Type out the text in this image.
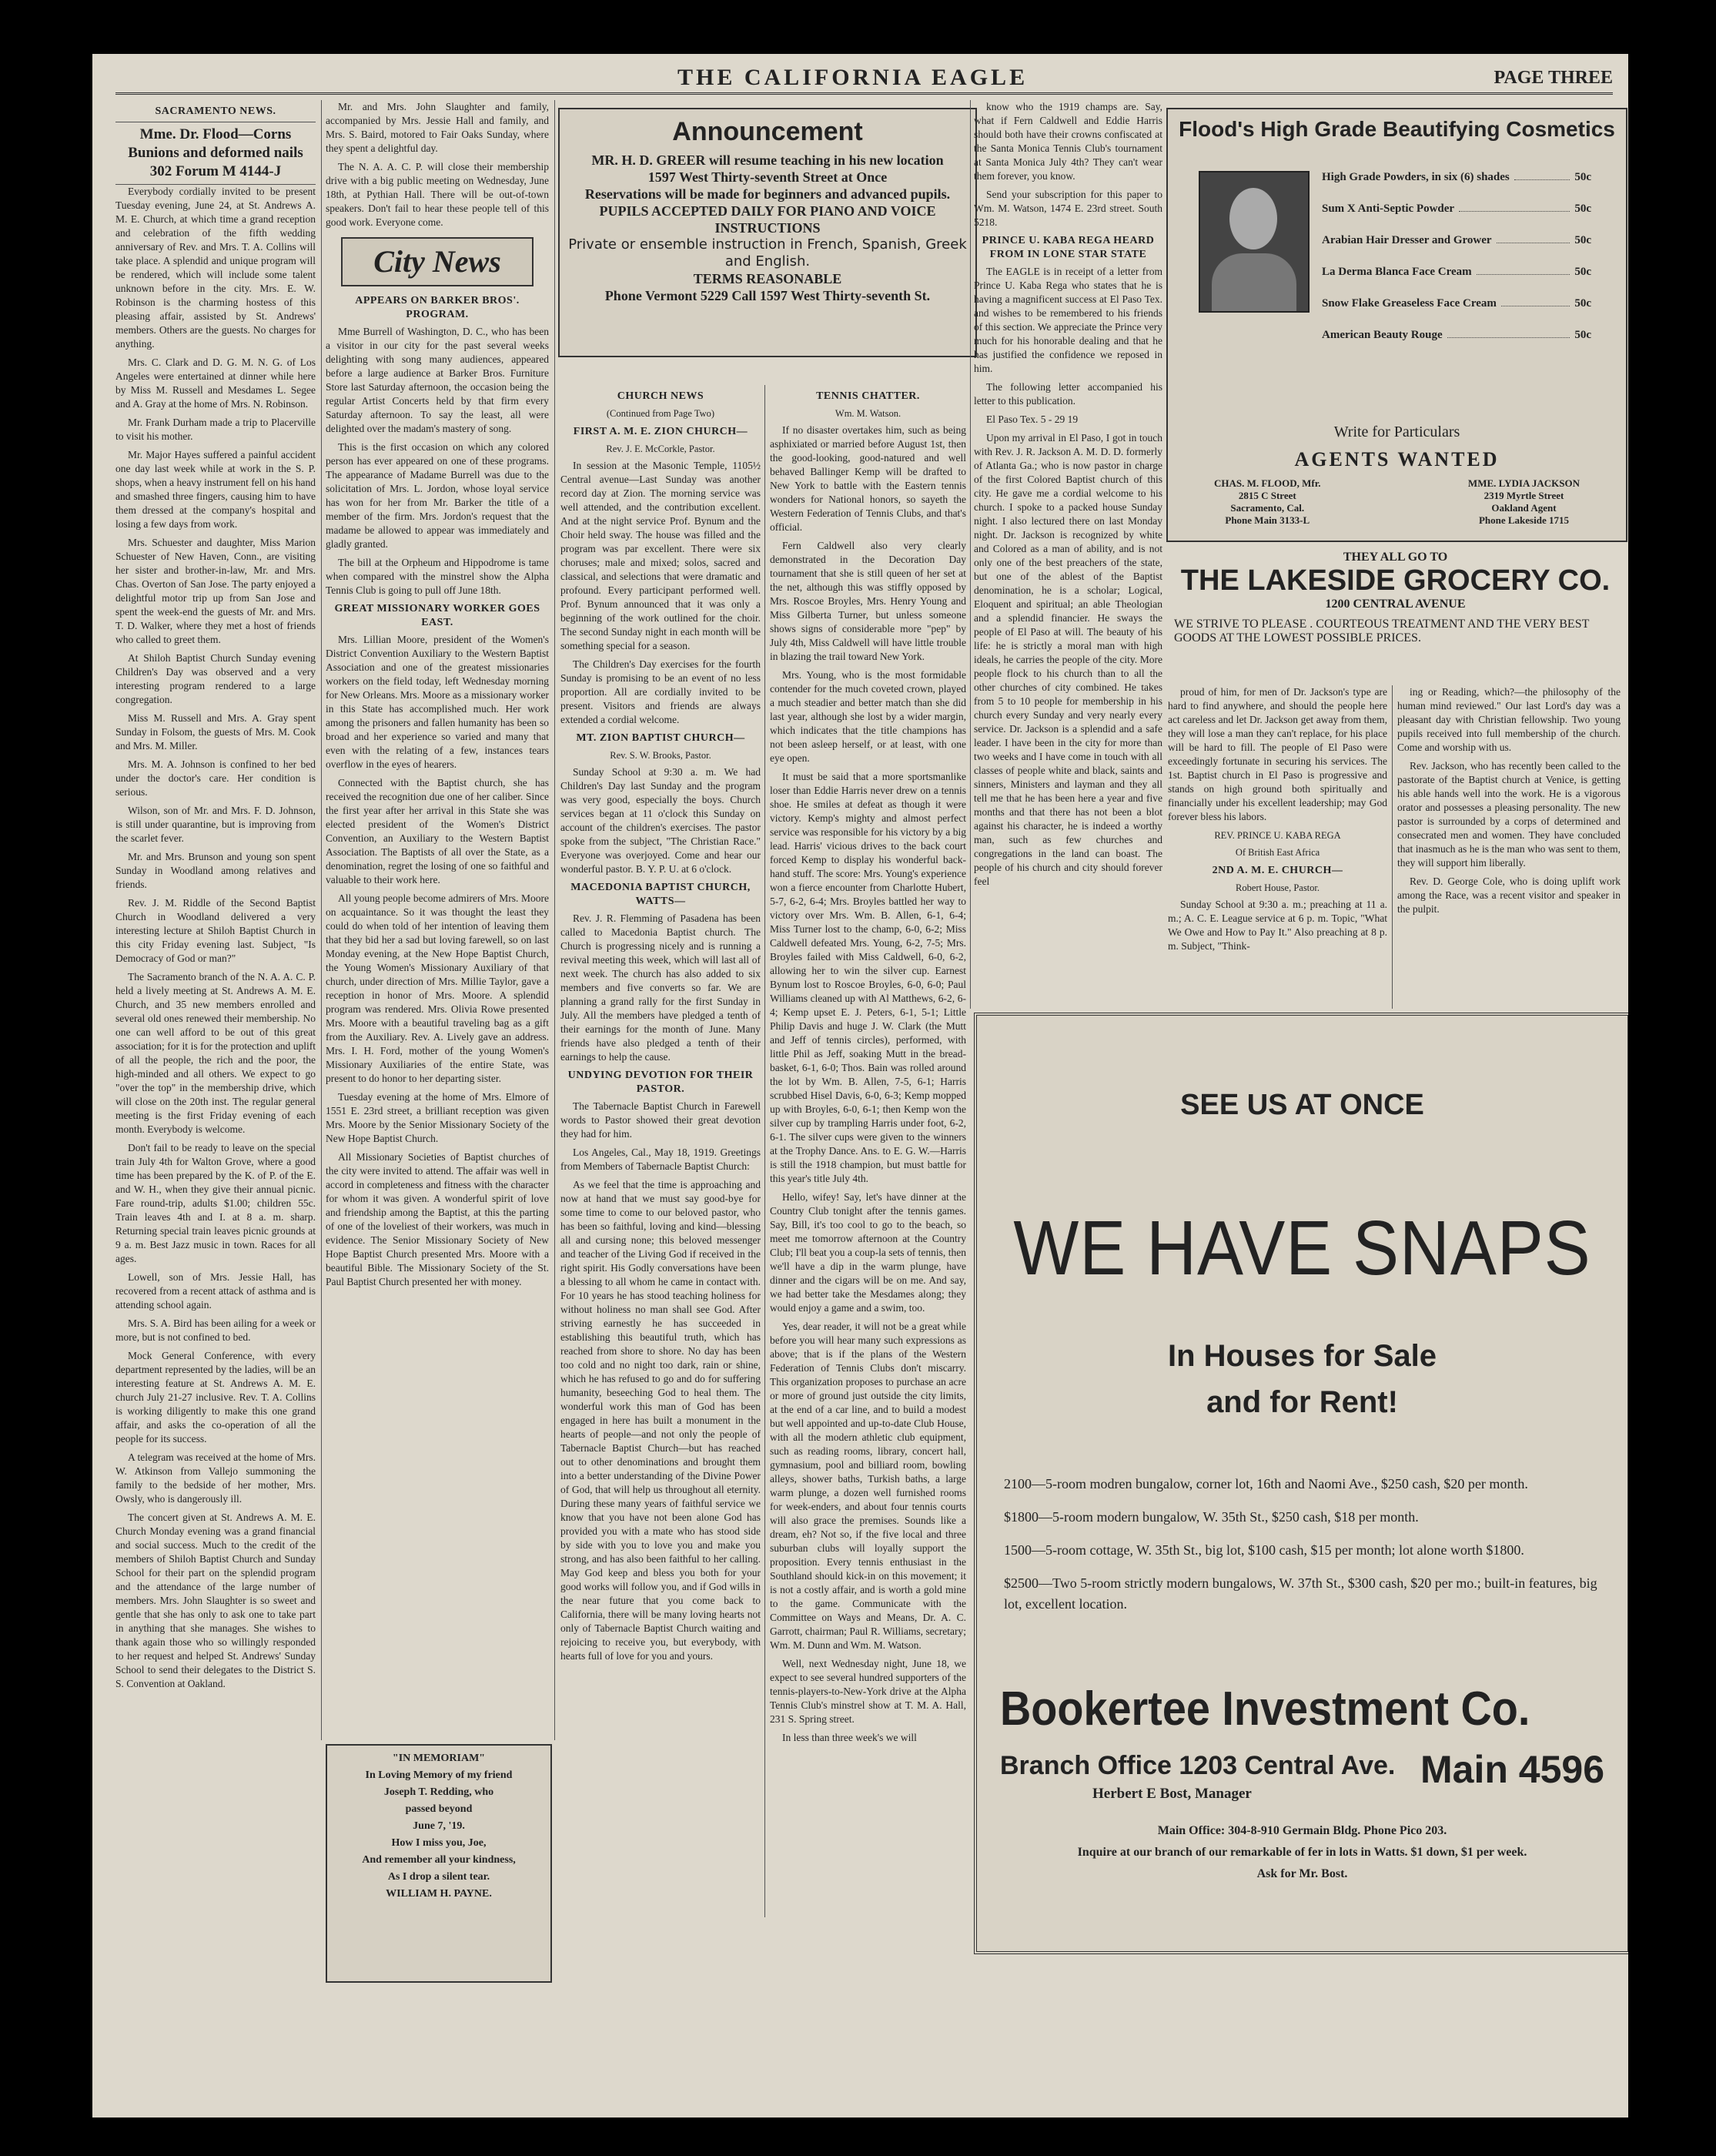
THE CALIFORNIA EAGLE	PAGE THREE
SACRAMENTO NEWS.
Mme. Dr. Flood—Corns
Bunions and deformed nails
302 Forum M 4144-J

Everybody cordially invited to be present Tuesday evening, June 24, at St. Andrews A. M. E. Church, at which time a grand reception and celebration of the fifth wedding anniversary of Rev. and Mrs. T. A. Collins will take place. A splendid and unique program will be rendered, which will include some talent unknown before in the city. Mrs. E. W. Robinson is the charming hostess of this pleasing affair, assisted by St. Andrews' members. Others are the guests. No charges for anything.

Mrs. C. Clark and D. G. M. N. G. of Los Angeles were entertained at dinner while here by Miss M. Russell and Mesdames L. Segee and A. Gray at the home of Mrs. N. Robinson.

Mr. Frank Durham made a trip to Placerville to visit his mother.

Mr. Major Hayes suffered a painful accident one day last week while at work in the S. P. shops, when a heavy instrument fell on his hand and smashed three fingers, causing him to have them dressed at the company's hospital and losing a few days from work.

Mrs. Schuester and daughter, Miss Marion Schuester of New Haven, Conn., are visiting her sister and brother-in-law, Mr. and Mrs. Chas. Overton of San Jose. The party enjoyed a delightful motor trip up from San Jose and spent the week-end the guests of Mr. and Mrs. T. D. Walker, where they met a host of friends who called to greet them.

At Shiloh Baptist Church Sunday evening Children's Day was observed and a very interesting program rendered to a large congregation.

Miss M. Russell and Mrs. A. Gray spent Sunday in Folsom, the guests of Mrs. M. Cook and Mrs. M. Miller.

Mrs. M. A. Johnson is confined to her bed under the doctor's care. Her condition is serious.

Wilson, son of Mr. and Mrs. F. D. Johnson, is still under quarantine, but is improving from the scarlet fever.

Mr. and Mrs. Brunson and young son spent Sunday in Woodland among relatives and friends.

Rev. J. M. Riddle of the Second Baptist Church in Woodland delivered a very interesting lecture at Shiloh Baptist Church in this city Friday evening last. Subject, "Is Democracy of God or man?"

The Sacramento branch of the N. A. A. C. P. held a lively meeting at St. Andrews A. M. E. Church, and 35 new members enrolled and several old ones renewed their membership. No one can well afford to be out of this great association; for it is for the protection and uplift of all the people, the rich and the poor, the high-minded and all others. We expect to go "over the top" in the membership drive, which will close on the 20th inst. The regular general meeting is the first Friday evening of each month. Everybody is welcome.

Don't fail to be ready to leave on the special train July 4th for Walton Grove, where a good time has been prepared by the K. of P. of the E. and W. H., when they give their annual picnic. Fare round-trip, adults $1.00; children 55c. Train leaves 4th and I. at 8 a. m. sharp. Returning special train leaves picnic grounds at 9 a. m. Best Jazz music in town. Races for all ages.

Lowell, son of Mrs. Jessie Hall, has recovered from a recent attack of asthma and is attending school again.

Mrs. S. A. Bird has been ailing for a week or more, but is not confined to bed.

Mock General Conference, with every department represented by the ladies, will be an interesting feature at St. Andrews A. M. E. church July 21-27 inclusive. Rev. T. A. Collins is working diligently to make this one grand affair, and asks the co-operation of all the people for its success.

A telegram was received at the home of Mrs. W. Atkinson from Vallejo summoning the family to the bedside of her mother, Mrs. Owsly, who is dangerously ill.

The concert given at St. Andrews A. M. E. Church Monday evening was a grand financial and social success. Much to the credit of the members of Shiloh Baptist Church and Sunday School for their part on the splendid program and the attendance of the large number of members. Mrs. John Slaughter is so sweet and gentle that she has only to ask one to take part in anything that she manages. She wishes to thank again those who so willingly responded to her request and helped St. Andrews' Sunday School to send their delegates to the District S. S. Convention at Oakland.

Mr. and Mrs. John Slaughter and family, accompanied by Mrs. Jessie Hall and family, and Mrs. S. Baird, motored to Fair Oaks Sunday, where they spent a delightful day.

The N. A. A. C. P. will close their membership drive with a big public meeting on Wednesday, June 18th, at Pythian Hall. There will be out-of-town speakers. Don't fail to hear these people tell of this good work. Everyone come.

City News
APPEARS ON BARKER BROS'. PROGRAM.

Mme Burrell of Washington, D. C., who has been a visitor in our city for the past several weeks delighting with song many audiences, appeared before a large audience at Barker Bros. Furniture Store last Saturday afternoon, the occasion being the regular Artist Concerts held by that firm every Saturday afternoon. To say the least, all were delighted over the madam's mastery of song.

This is the first occasion on which any colored person has ever appeared on one of these programs. The appearance of Madame Burrell was due to the solicitation of Mrs. L. Jordon, whose loyal service has won for her from Mr. Barker the title of a member of the firm. Mrs. Jordon's request that the madame be allowed to appear was immediately and gladly granted.

The bill at the Orpheum and Hippodrome is tame when compared with the minstrel show the Alpha Tennis Club is going to pull off June 18th.

GREAT MISSIONARY WORKER GOES EAST.

Mrs. Lillian Moore, president of the Women's District Convention Auxiliary to the Western Baptist Association and one of the greatest missionaries workers on the field today, left Wednesday morning for New Orleans. Mrs. Moore as a missionary worker in this State has accomplished much. Her work among the prisoners and fallen humanity has been so broad and her experience so varied and many that even with the relating of a few, instances tears overflow in the eyes of hearers.

Connected with the Baptist church, she has received the recognition due one of her caliber. Since the first year after her arrival in this State she was elected president of the Women's District Convention, an Auxiliary to the Western Baptist Association. The Baptists of all over the State, as a denomination, regret the losing of one so faithful and valuable to their work here.

All young people become admirers of Mrs. Moore on acquaintance. So it was thought the least they could do when told of her intention of leaving them that they bid her a sad but loving farewell, so on last Monday evening, at the New Hope Baptist Church, the Young Women's Missionary Auxiliary of that church, under direction of Mrs. Millie Taylor, gave a reception in honor of Mrs. Moore. A splendid program was rendered. Mrs. Olivia Rowe presented Mrs. Moore with a beautiful traveling bag as a gift from the Auxiliary. Rev. A. Lively gave an address. Mrs. I. H. Ford, mother of the young Women's Missionary Auxiliaries of the entire State, was present to do honor to her departing sister.

Tuesday evening at the home of Mrs. Elmore of 1551 E. 23rd street, a brilliant reception was given Mrs. Moore by the Senior Missionary Society of the New Hope Baptist Church.

All Missionary Societies of Baptist churches of the city were invited to attend. The affair was well in accord in completeness and fitness with the character for whom it was given. A wonderful spirit of love and friendship among the Baptist, at this the parting of one of the loveliest of their workers, was much in evidence. The Senior Missionary Society of New Hope Baptist Church presented Mrs. Moore with a beautiful Bible. The Missionary Society of the St. Paul Baptist Church presented her with money.

"IN MEMORIAM"
In Loving Memory of my friend
Joseph T. Redding, who
passed beyond
June 7, '19.
How I miss you, Joe,
And remember all your kindness,
As I drop a silent tear.
WILLIAM H. PAYNE.
Announcement
MR. H. D. GREER will resume teaching in his new location
1597 West Thirty-seventh Street at Once
Reservations will be made for beginners and advanced pupils.
PUPILS ACCEPTED DAILY FOR PIANO AND VOICE INSTRUCTIONS
Private or ensemble instruction in French, Spanish, Greek and English.
TERMS REASONABLE
Phone Vermont 5229 Call 1597 West Thirty-seventh St.
CHURCH NEWS
(Continued from Page Two)
FIRST A. M. E. ZION CHURCH—
Rev. J. E. McCorkle, Pastor.

In session at the Masonic Temple, 1105½ Central avenue—Last Sunday was another record day at Zion. The morning service was well attended, and the contribution excellent. And at the night service Prof. Bynum and the Choir held sway. The house was filled and the program was par excellent. There were six choruses; male and mixed; solos, sacred and classical, and selections that were dramatic and profound. Every participant performed well. Prof. Bynum announced that it was only a beginning of the work outlined for the choir. The second Sunday night in each month will be something special for a season.

The Children's Day exercises for the fourth Sunday is promising to be an event of no less proportion. All are cordially invited to be present. Visitors and friends are always extended a cordial welcome.

MT. ZION BAPTIST CHURCH—
Rev. S. W. Brooks, Pastor.

Sunday School at 9:30 a. m. We had Children's Day last Sunday and the program was very good, especially the boys. Church services began at 11 o'clock this Sunday on account of the children's exercises. The pastor spoke from the subject, "The Christian Race." Everyone was overjoyed. Come and hear our wonderful pastor. B. Y. P. U. at 6 o'clock.

MACEDONIA BAPTIST CHURCH, WATTS—

Rev. J. R. Flemming of Pasadena has been called to Macedonia Baptist church. The Church is progressing nicely and is running a revival meeting this week, which will last all of next week. The church has also added to six members and five converts so far. We are planning a grand rally for the first Sunday in July. All the members have pledged a tenth of their earnings for the month of June. Many friends have also pledged a tenth of their earnings to help the cause.

UNDYING DEVOTION FOR THEIR PASTOR.

The Tabernacle Baptist Church in Farewell words to Pastor showed their great devotion they had for him.

Los Angeles, Cal., May 18, 1919. Greetings from Members of Tabernacle Baptist Church:

As we feel that the time is approaching and now at hand that we must say good-bye for some time to come to our beloved pastor, who has been so faithful, loving and kind—blessing all and cursing none; this beloved messenger and teacher of the Living God if received in the right spirit. His Godly conversations have been a blessing to all whom he came in contact with. For 10 years he has stood teaching holiness for without holiness no man shall see God. After striving earnestly he has succeeded in establishing this beautiful truth, which has reached from shore to shore. No day has been too cold and no night too dark, rain or shine, which he has refused to go and do for suffering humanity, beseeching God to heal them. The wonderful work this man of God has been engaged in here has built a monument in the hearts of people—and not only the people of Tabernacle Baptist Church—but has reached out to other denominations and brought them into a better understanding of the Divine Power of God, that will help us throughout all eternity. During these many years of faithful service we know that you have not been alone God has provided you with a mate who has stood side by side with you to love you and make you strong, and has also been faithful to her calling. May God keep and bless you both for your good works will follow you, and if God wills in the near future that you come back to California, there will be many loving hearts not only of Tabernacle Baptist Church waiting and rejoicing to receive you, but everybody, with hearts full of love for you and yours.

TENNIS CHATTER.
Wm. M. Watson.

If no disaster overtakes him, such as being asphixiated or married before August 1st, then the good-looking, good-natured and well behaved Ballinger Kemp will be drafted to New York to battle with the Eastern tennis wonders for National honors, so sayeth the Western Federation of Tennis Clubs, and that's official.

Fern Caldwell also very clearly demonstrated in the Decoration Day tournament that she is still queen of her set at the net, although this was stiffly opposed by Mrs. Roscoe Broyles, Mrs. Henry Young and Miss Gilberta Turner, but unless someone shows signs of considerable more "pep" by July 4th, Miss Caldwell will have little trouble in blazing the trail toward New York.

Mrs. Young, who is the most formidable contender for the much coveted crown, played a much steadier and better match than she did last year, although she lost by a wider margin, which indicates that the title champions has not been asleep herself, or at least, with one eye open.

It must be said that a more sportsmanlike loser than Eddie Harris never drew on a tennis shoe. He smiles at defeat as though it were victory. Kemp's mighty and almost perfect service was responsible for his victory by a big lead. Harris' vicious drives to the back court forced Kemp to display his wonderful back-hand stuff. The score: Mrs. Young's experience won a fierce encounter from Charlotte Hubert, 5-7, 6-2, 6-4; Mrs. Broyles battled her way to victory over Mrs. Wm. B. Allen, 6-1, 6-4; Miss Turner lost to the champ, 6-0, 6-2; Miss Caldwell defeated Mrs. Young, 6-2, 7-5; Mrs. Broyles failed with Miss Caldwell, 6-0, 6-2, allowing her to win the silver cup. Earnest Bynum lost to Roscoe Broyles, 6-0, 6-0; Paul Williams cleaned up with Al Matthews, 6-2, 6-4; Kemp upset E. J. Peters, 6-1, 5-1; Little Philip Davis and huge J. W. Clark (the Mutt and Jeff of tennis circles), performed, with little Phil as Jeff, soaking Mutt in the bread-basket, 6-1, 6-0; Thos. Bain was rolled around the lot by Wm. B. Allen, 7-5, 6-1; Harris scrubbed Hisel Davis, 6-0, 6-3; Kemp mopped up with Broyles, 6-0, 6-1; then Kemp won the silver cup by trampling Harris under foot, 6-2, 6-1. The silver cups were given to the winners at the Trophy Dance. Ans. to E. G. W.—Harris is still the 1918 champion, but must battle for this year's title July 4th.

Hello, wifey! Say, let's have dinner at the Country Club tonight after the tennis games. Say, Bill, it's too cool to go to the beach, so meet me tomorrow afternoon at the Country Club; I'll beat you a coup-la sets of tennis, then we'll have a dip in the warm plunge, have dinner and the cigars will be on me. And say, we had better take the Mesdames along; they would enjoy a game and a swim, too.

Yes, dear reader, it will not be a great while before you will hear many such expressions as above; that is if the plans of the Western Federation of Tennis Clubs don't miscarry. This organization proposes to purchase an acre or more of ground just outside the city limits, at the end of a car line, and to build a modest but well appointed and up-to-date Club House, with all the modern athletic club equipment, such as reading rooms, library, concert hall, gymnasium, pool and billiard room, bowling alleys, shower baths, Turkish baths, a large warm plunge, a dozen well furnished rooms for week-enders, and about four tennis courts will also grace the premises. Sounds like a dream, eh? Not so, if the five local and three suburban clubs will loyally support the proposition. Every tennis enthusiast in the Southland should kick-in on this movement; it is not a costly affair, and is worth a gold mine to the game. Communicate with the Committee on Ways and Means, Dr. A. C. Garrott, chairman; Paul R. Williams, secretary; Wm. M. Dunn and Wm. M. Watson.

Well, next Wednesday night, June 18, we expect to see several hundred supporters of the tennis-players-to-New-York drive at the Alpha Tennis Club's minstrel show at T. M. A. Hall, 231 S. Spring street.

In less than three week's we will

know who the 1919 champs are. Say, what if Fern Caldwell and Eddie Harris should both have their crowns confiscated at the Santa Monica Tennis Club's tournament at Santa Monica July 4th? They can't wear them forever, you know.

Send your subscription for this paper to Wm. M. Watson, 1474 E. 23rd street. South 5218.

PRINCE U. KABA REGA HEARD FROM IN LONE STAR STATE

The EAGLE is in receipt of a letter from Prince U. Kaba Rega who states that he is having a magnificent success at El Paso Tex. and wishes to be remembered to his friends of this section. We appreciate the Prince very much for his honorable dealing and that he has justified the confidence we reposed in him.

The following letter accompanied his letter to this publication.

El Paso Tex. 5 - 29 19

Upon my arrival in El Paso, I got in touch with Rev. J. R. Jackson A. M. D. D. formerly of Atlanta Ga.; who is now pastor in charge of the first Colored Baptist church of this city. He gave me a cordial welcome to his church. I spoke to a packed house Sunday night. I also lectured there on last Monday night. Dr. Jackson is recognized by white and Colored as a man of ability, and is not only one of the best preachers of the state, but one of the ablest of the Baptist denomination, he is a scholar; Logical, Eloquent and spiritual; an able Theologian and a splendid financier. He sways the people of El Paso at will. The beauty of his life: he is strictly a moral man with high ideals, he carries the people of the city. More people flock to his church than to all the other churches of city combined. He takes from 5 to 10 people for membership in his church every Sunday and very nearly every service. Dr. Jackson is a splendid and a safe leader. I have been in the city for more than two weeks and I have come in touch with all classes of people white and black, saints and sinners, Ministers and layman and they all tell me that he has been here a year and five months and that there has not been a blot against his character, he is indeed a worthy man, such as few churches and congregations in the land can boast. The people of his church and city should forever feel

Flood's High Grade Beautifying Cosmetics
High Grade Powders, in six (6) shades	50c
Sum X Anti-Septic Powder	50c
Arabian Hair Dresser and Grower	50c
La Derma Blanca Face Cream	50c
Snow Flake Greaseless Face Cream	50c
American Beauty Rouge	50c
Write for Particulars
AGENTS WANTED
CHAS. M. FLOOD, Mfr.
2815 C Street
Sacramento, Cal.
Phone Main 3133-L
MME. LYDIA JACKSON
2319 Myrtle Street
Oakland Agent
Phone Lakeside 1715
THEY ALL GO TO
THE LAKESIDE GROCERY CO.
1200 CENTRAL AVENUE
WE STRIVE TO PLEASE . COURTEOUS TREATMENT AND THE VERY BEST GOODS AT THE LOWEST POSSIBLE PRICES.

proud of him, for men of Dr. Jackson's type are hard to find anywhere, and should the people here act careless and let Dr. Jackson get away from them, they will lose a man they can't replace, for his place will be hard to fill. The people of El Paso were exceedingly fortunate in securing his services. The 1st. Baptist church in El Paso is progressive and stands on high ground both spiritually and financially under his excellent leadership; may God forever bless his labors.

REV. PRINCE U. KABA REGA
Of British East Africa
2ND A. M. E. CHURCH—
Robert House, Pastor.

Sunday School at 9:30 a. m.; preaching at 11 a. m.; A. C. E. League service at 6 p. m. Topic, "What We Owe and How to Pay It." Also preaching at 8 p. m. Subject, "Think-

ing or Reading, which?—the philosophy of the human mind reviewed." Our last Lord's day was a pleasant day with Christian fellowship. Two young pupils received into full membership of the church. Come and worship with us.

Rev. Jackson, who has recently been called to the pastorate of the Baptist church at Venice, is getting his able hands well into the work. He is a vigorous orator and possesses a pleasing personality. The new pastor is surrounded by a corps of determined and consecrated men and women. They have concluded that inasmuch as he is the man who was sent to them, they will support him liberally.

Rev. D. George Cole, who is doing uplift work among the Race, was a recent visitor and speaker in the pulpit.

SEE US AT ONCE
WE HAVE SNAPS
In Houses for Sale
and for Rent!
2100—5-room modren bungalow, corner lot, 16th and Naomi Ave., $250 cash, $20 per month.
$1800—5-room modern bungalow, W. 35th St., $250 cash, $18 per month.
1500—5-room cottage, W. 35th St., big lot, $100 cash, $15 per month; lot alone worth $1800.
$2500—Two 5-room strictly modern bungalows, W. 37th St., $300 cash, $20 per mo.; built-in features, big lot, excellent location.
Bookertee Investment Co.
Branch Office 1203 Central Ave. Main 4596
Herbert E Bost, Manager
Main Office: 304-8-910 Germain Bldg. Phone Pico 203.
Inquire at our branch of our remarkable of fer in lots in Watts. $1 down, $1 per week.
Ask for Mr. Bost.
